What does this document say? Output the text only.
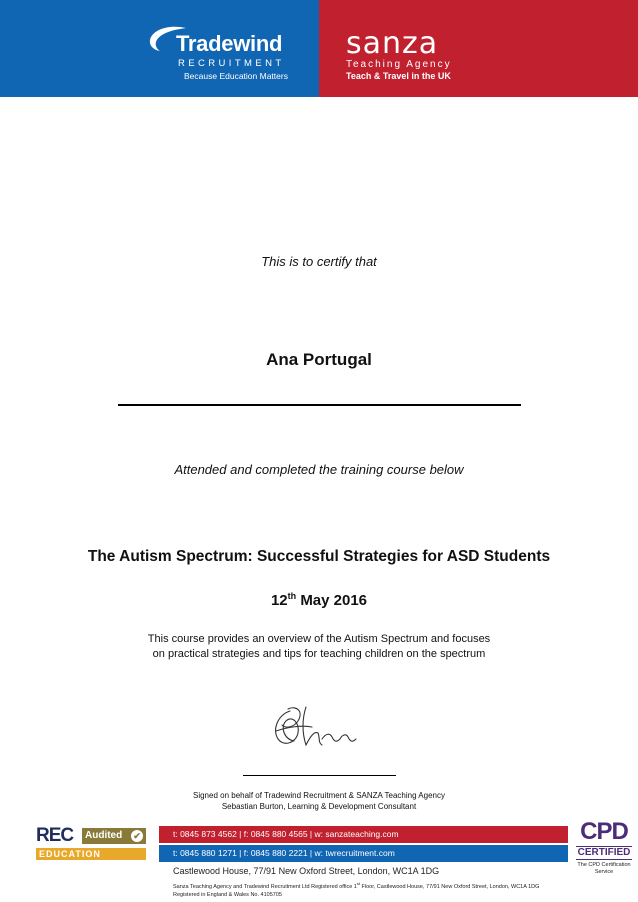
Tradewind
RECRUITMENT
Because Education Matters
sanza
Teaching Agency
Teach & Travel in the UK
This is to certify that
Ana Portugal
Attended and completed the training course below
The Autism Spectrum: Successful Strategies for ASD Students
12th May 2016
This course provides an overview of the Autism Spectrum and focuses
on practical strategies and tips for teaching children on the spectrum
Signed on behalf of Tradewind Recruitment & SANZA Teaching Agency
Sebastian Burton, Learning & Development Consultant
REC	Audited ✔
EDUCATION
t: 0845 873 4562 | f: 0845 880 4565 | w: sanzateaching.com
t: 0845 880 1271 | f: 0845 880 2221 | w: twrecruitment.com
Castlewood House, 77/91 New Oxford Street, London, WC1A 1DG
Sanza Teaching Agency and Tradewind Recruitment Ltd Registered office 1st Floor, Castlewood House, 77/91 New Oxford Street, London, WC1A 1DG
Registered in England & Wales No. 4105705
CPD
CERTIFIED
The CPD Certification Service
